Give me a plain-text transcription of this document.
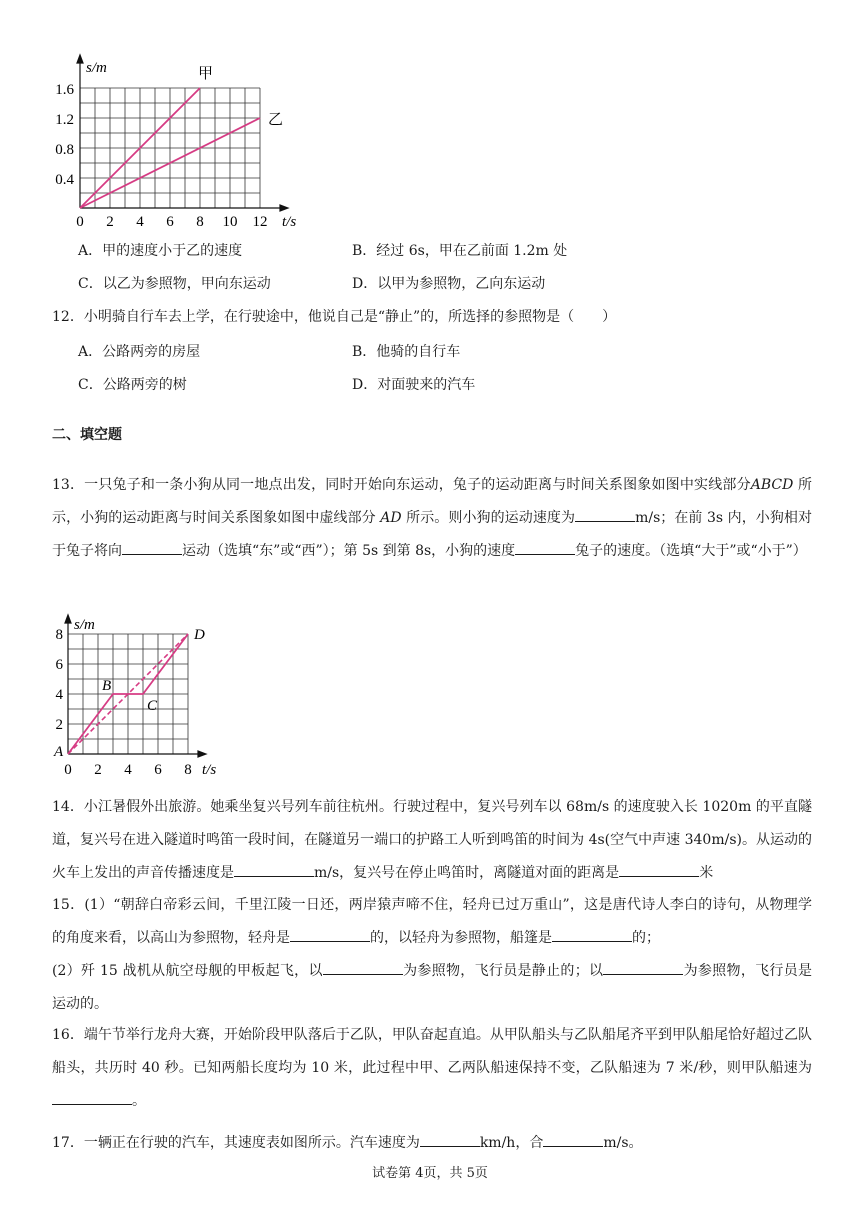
s/m
t/s
1.6
1.2
0.8
0.4
0 2 4 6 8 10 12
甲
乙
A．甲的速度小于乙的速度	B．经过 6s，甲在乙前面 1.2m 处
C．以乙为参照物，甲向东运动	D．以甲为参照物，乙向东运动
12．小明骑自行车去上学，在行驶途中，他说自己是“静止”的，所选择的参照物是（　　）
A．公路两旁的房屋	B．他骑的自行车
C．公路两旁的树	D．对面驶来的汽车
二、填空题
13．一只兔子和一条小狗从同一地点出发，同时开始向东运动，兔子的运动距离与时间关系图象如图中实线部分ABCD 所示，小狗的运动距离与时间关系图象如图中虚线部分 AD 所示。则小狗的运动速度为	m/s；在前 3s 内，小狗相对于兔子将向	运动（选填“东”或“西”）；第 5s 到第 8s，小狗的速度	兔子的速度。（选填“大于”或“小于”）
s/m
t/s
8
6
4
2
0 2 4 6 8
A
B
C
D
14．小江暑假外出旅游。她乘坐复兴号列车前往杭州。行驶过程中，复兴号列车以 68m/s 的速度驶入长 1020m 的平直隧道，复兴号在进入隧道时鸣笛一段时间，在隧道另一端口的护路工人听到鸣笛的时间为 4s(空气中声速 340m/s)。从运动的火车上发出的声音传播速度是	m/s，复兴号在停止鸣笛时，离隧道对面的距离是	米
15．(1）“朝辞白帝彩云间，千里江陵一日还，两岸猿声啼不住，轻舟已过万重山”，这是唐代诗人李白的诗句，从物理学的角度来看，以高山为参照物，轻舟是	的，以轻舟为参照物，船篷是	的；
(2）歼 15 战机从航空母舰的甲板起飞，以	为参照物，飞行员是静止的；以	为参照物，飞行员是运动的。
16．端午节举行龙舟大赛，开始阶段甲队落后于乙队，甲队奋起直追。从甲队船头与乙队船尾齐平到甲队船尾恰好超过乙队船头，共历时 40 秒。已知两船长度均为 10 米，此过程中甲、乙两队船速保持不变，乙队船速为 7 米/秒，则甲队船速为。
17．一辆正在行驶的汽车，其速度表如图所示。汽车速度为	km/h，合	m/s。
试卷第 4页，共 5页
